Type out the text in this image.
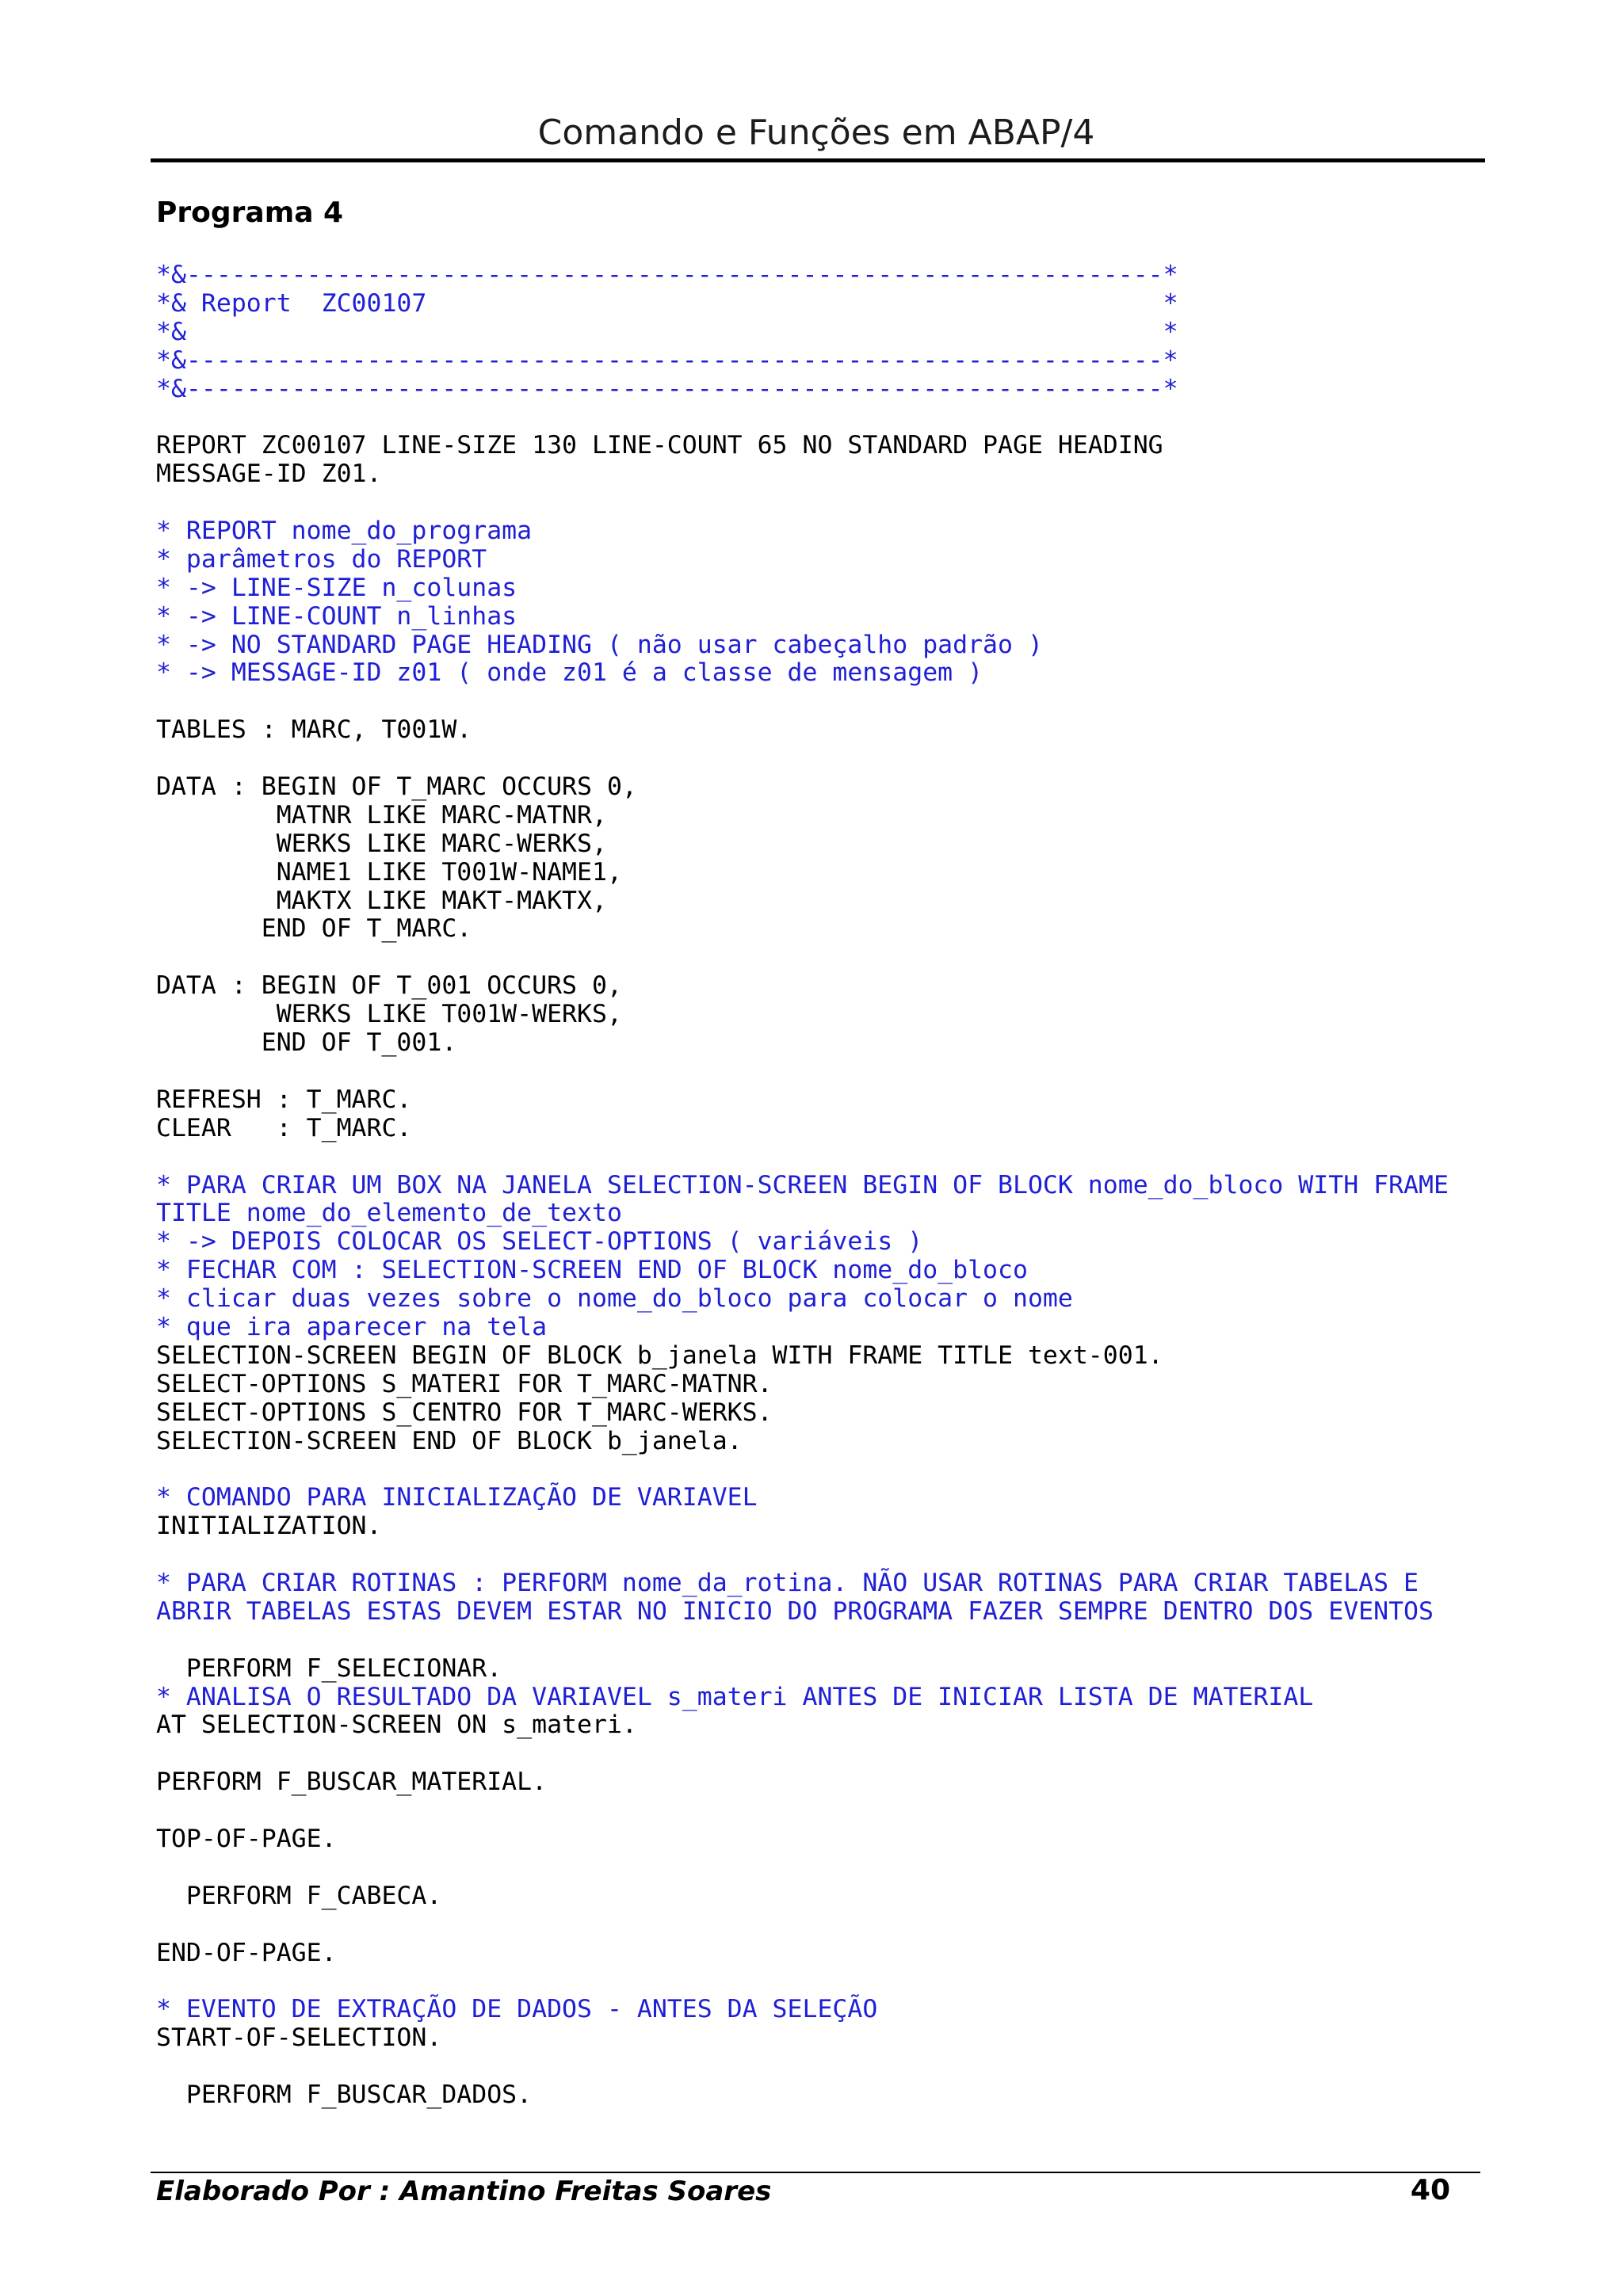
Comando e Funções em ABAP/4
Programa 4
*&-----------------------------------------------------------------*
*& Report  ZC00107                                                 *
*&                                                                 *
*&-----------------------------------------------------------------*
*&-----------------------------------------------------------------*

REPORT ZC00107 LINE-SIZE 130 LINE-COUNT 65 NO STANDARD PAGE HEADING
MESSAGE-ID Z01.

* REPORT nome_do_programa
* parâmetros do REPORT
* -> LINE-SIZE n_colunas
* -> LINE-COUNT n_linhas
* -> NO STANDARD PAGE HEADING ( não usar cabeçalho padrão )
* -> MESSAGE-ID z01 ( onde z01 é a classe de mensagem )

TABLES : MARC, T001W.

DATA : BEGIN OF T_MARC OCCURS 0,
MATNR LIKE MARC-MATNR,
WERKS LIKE MARC-WERKS,
NAME1 LIKE T001W-NAME1,
MAKTX LIKE MAKT-MAKTX,
END OF T_MARC.

DATA : BEGIN OF T_001 OCCURS 0,
WERKS LIKE T001W-WERKS,
END OF T_001.

REFRESH : T_MARC.
CLEAR   : T_MARC.

* PARA CRIAR UM BOX NA JANELA SELECTION-SCREEN BEGIN OF BLOCK nome_do_bloco WITH FRAME
TITLE nome_do_elemento_de_texto
* -> DEPOIS COLOCAR OS SELECT-OPTIONS ( variáveis )
* FECHAR COM : SELECTION-SCREEN END OF BLOCK nome_do_bloco
* clicar duas vezes sobre o nome_do_bloco para colocar o nome
* que ira aparecer na tela
SELECTION-SCREEN BEGIN OF BLOCK b_janela WITH FRAME TITLE text-001.
SELECT-OPTIONS S_MATERI FOR T_MARC-MATNR.
SELECT-OPTIONS S_CENTRO FOR T_MARC-WERKS.
SELECTION-SCREEN END OF BLOCK b_janela.

* COMANDO PARA INICIALIZAÇÃO DE VARIAVEL
INITIALIZATION.

* PARA CRIAR ROTINAS : PERFORM nome_da_rotina. NÃO USAR ROTINAS PARA CRIAR TABELAS E
ABRIR TABELAS ESTAS DEVEM ESTAR NO INICIO DO PROGRAMA FAZER SEMPRE DENTRO DOS EVENTOS

PERFORM F_SELECIONAR.
* ANALISA O RESULTADO DA VARIAVEL s_materi ANTES DE INICIAR LISTA DE MATERIAL
AT SELECTION-SCREEN ON s_materi.

PERFORM F_BUSCAR_MATERIAL.

TOP-OF-PAGE.

PERFORM F_CABECA.

END-OF-PAGE.

* EVENTO DE EXTRAÇÃO DE DADOS - ANTES DA SELEÇÃO
START-OF-SELECTION.

PERFORM F_BUSCAR_DADOS.
Elaborado Por : Amantino Freitas Soares	40
